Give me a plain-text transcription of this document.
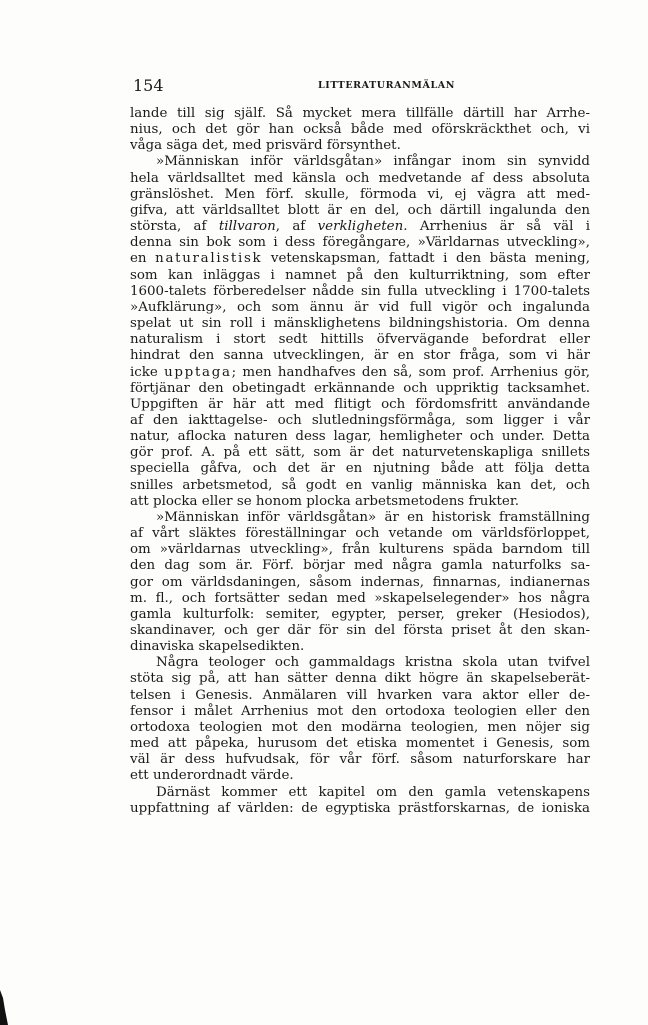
154	LITTERATURANMÄLAN
lande till sig själf. Så mycket mera tillfälle därtill har Arrhe-
nius, och det gör han också både med oförskräckthet och, vi
våga säga det, med prisvärd försynthet.
»Människan inför världsgåtan» infångar inom sin synvidd
hela världsalltet med känsla och medvetande af dess absoluta
gränslöshet. Men förf. skulle, förmoda vi, ej vägra att med-
gifva, att världsalltet blott är en del, och därtill ingalunda den
största, af tillvaron, af verkligheten. Arrhenius är så väl i
denna sin bok som i dess föregångare, »Världarnas utveckling»,
en naturalistisk vetenskapsman, fattadt i den bästa mening,
som kan inläggas i namnet på den kulturriktning, som efter
1600-talets förberedelser nådde sin fulla utveckling i 1700-talets
»Aufklärung», och som ännu är vid full vigör och ingalunda
spelat ut sin roll i mänsklighetens bildningshistoria. Om denna
naturalism i stort sedt hittills öfvervägande befordrat eller
hindrat den sanna utvecklingen, är en stor fråga, som vi här
icke upptaga; men handhafves den så, som prof. Arrhenius gör,
förtjänar den obetingadt erkännande och uppriktig tacksamhet.
Uppgiften är här att med flitigt och fördomsfritt användande
af den iakttagelse- och slutledningsförmåga, som ligger i vår
natur, aflocka naturen dess lagar, hemligheter och under. Detta
gör prof. A. på ett sätt, som är det naturvetenskapliga snillets
speciella gåfva, och det är en njutning både att följa detta
snilles arbetsmetod, så godt en vanlig människa kan det, och
att plocka eller se honom plocka arbetsmetodens frukter.
»Människan inför världsgåtan» är en historisk framställning
af vårt släktes föreställningar och vetande om världsförloppet,
om »världarnas utveckling», från kulturens späda barndom till
den dag som är. Förf. börjar med några gamla naturfolks sa-
gor om världsdaningen, såsom indernas, finnarnas, indianernas
m. fl., och fortsätter sedan med »skapelselegender» hos några
gamla kulturfolk: semiter, egypter, perser, greker (Hesiodos),
skandinaver, och ger där för sin del första priset åt den skan-
dinaviska skapelsedikten.
Några teologer och gammaldags kristna skola utan tvifvel
stöta sig på, att han sätter denna dikt högre än skapelseberät-
telsen i Genesis. Anmälaren vill hvarken vara aktor eller de-
fensor i målet Arrhenius mot den ortodoxa teologien eller den
ortodoxa teologien mot den modärna teologien, men nöjer sig
med att påpeka, hurusom det etiska momentet i Genesis, som
väl är dess hufvudsak, för vår förf. såsom naturforskare har
ett underordnadt värde.
Därnäst kommer ett kapitel om den gamla vetenskapens
uppfattning af världen: de egyptiska prästforskarnas, de ioniska
